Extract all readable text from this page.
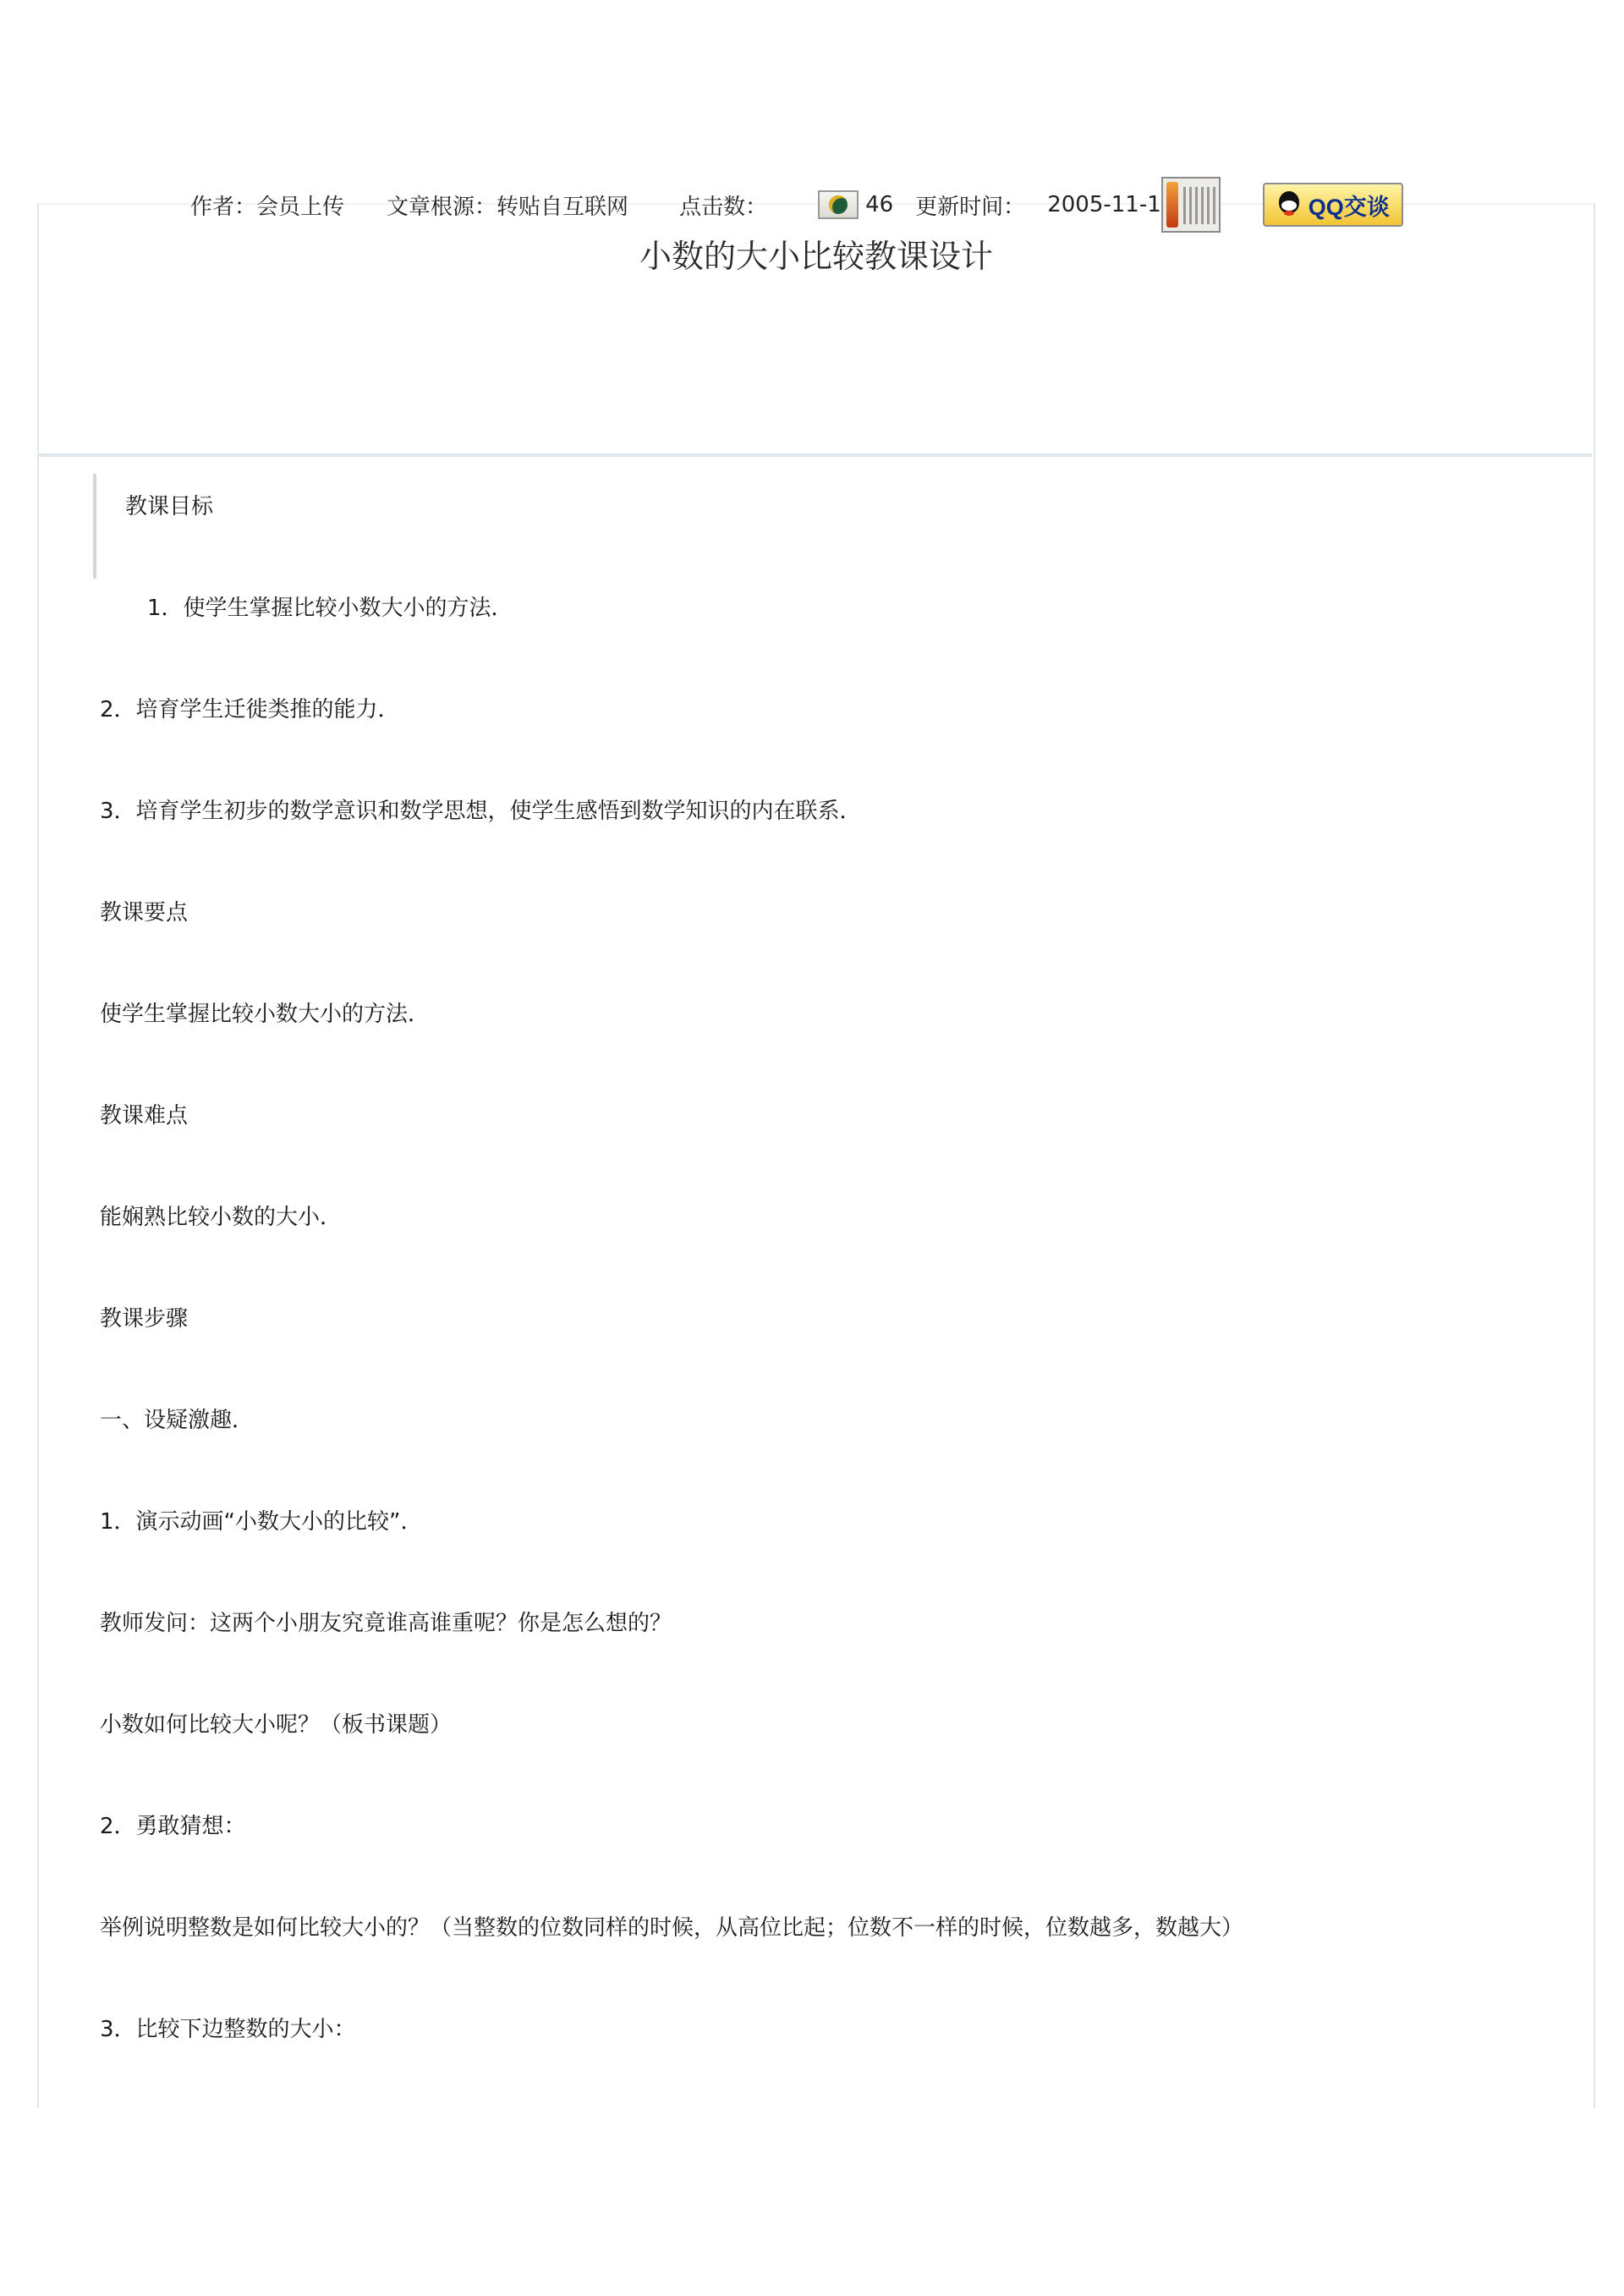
小数的大小比较教课设计
作者： 会员上传 文章根源： 转贴自互联网 点击数：	46 更新时间： 2005-11-1	QQ交谈
教课目标
1．使学生掌握比较小数大小的方法．
2．培育学生迁徙类推的能力．
3．培育学生初步的数学意识和数学思想，使学生感悟到数学知识的内在联系．
教课要点
使学生掌握比较小数大小的方法．
教课难点
能娴熟比较小数的大小．
教课步骤
一、设疑激趣．
1．演示动画“小数大小的比较”．
教师发问：这两个小朋友究竟谁高谁重呢？你是怎么想的？
小数如何比较大小呢？（板书课题）
2．勇敢猜想：
举例说明整数是如何比较大小的？（当整数的位数同样的时候，从高位比起；位数不一样的时候，位数越多，数越大）
3．比较下边整数的大小：
